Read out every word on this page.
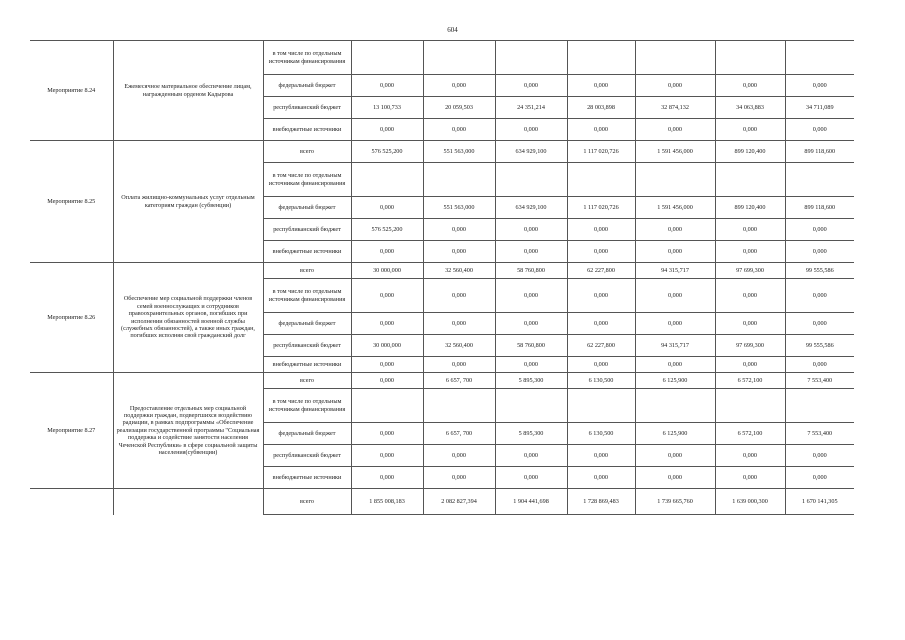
604
Мероприятие 8.24	Ежемесячное материальное обеспечение лицам, награжденным орденом Кадырова	в том числе по отдельным источникам финансирования							
		федеральный бюджет	0,000	0,000	0,000	0,000	0,000	0,000	0,000
		республиканский бюджет	13 100,733	20 059,503	24 351,214	28 003,898	32 874,132	34 063,883	34 711,089
		внебюджетные источники	0,000	0,000	0,000	0,000	0,000	0,000	0,000
Мероприятие 8.25	Оплата жилищно-коммунальных услуг отдельным категориям граждан (субвенции)	всего	576 525,200	551 563,000	634 929,100	1 117 020,726	1 591 456,000	899 120,400	899 118,600
		в том числе по отдельным источникам финансирования							
		федеральный бюджет	0,000	551 563,000	634 929,100	1 117 020,726	1 591 456,000	899 120,400	899 118,600
		республиканский бюджет	576 525,200	0,000	0,000	0,000	0,000	0,000	0,000
		внебюджетные источники	0,000	0,000	0,000	0,000	0,000	0,000	0,000
Мероприятие 8.26	Обеспечение мер социальной поддержки членов семей военнослужащих и сотрудников правоохранительных органов, погибших при исполнении обязанностей военной службы (служебных обязанностей), а также иных граждан, погибших исполняя свой гражданский долг	всего	30 000,000	32 560,400	58 760,800	62 227,800	94 315,717	97 699,300	99 555,586
		в том числе по отдельным источникам финансирования	0,000	0,000	0,000	0,000	0,000	0,000	0,000
		федеральный бюджет	0,000	0,000	0,000	0,000	0,000	0,000	0,000
		республиканский бюджет	30 000,000	32 560,400	58 760,800	62 227,800	94 315,717	97 699,300	99 555,586
		внебюджетные источники	0,000	0,000	0,000	0,000	0,000	0,000	0,000
Мероприятие 8.27	Предоставление отдельных мер социальной поддержки граждан, подвергшихся воздействию радиации, в рамках подпрограммы «Обеспечение реализации государственной программы "Социальная поддержка и содействие занятости населения Чеченской Республики» в сфере социальной защиты населения(субвенции)	всего	0,000	6 657, 700	5 895,300	6 130,500	6 125,900	6 572,100	7 553,400
		в том числе по отдельным источникам финансирования							
		федеральный бюджет	0,000	6 657, 700	5 895,300	6 130,500	6 125,900	6 572,100	7 553,400
		республиканский бюджет	0,000	0,000	0,000	0,000	0,000	0,000	0,000
		внебюджетные источники	0,000	0,000	0,000	0,000	0,000	0,000	0,000
		всего	1 855 008,183	2 082 827,394	1 904 441,698	1 728 869,483	1 739 665,760	1 639 000,300	1 670 141,305
